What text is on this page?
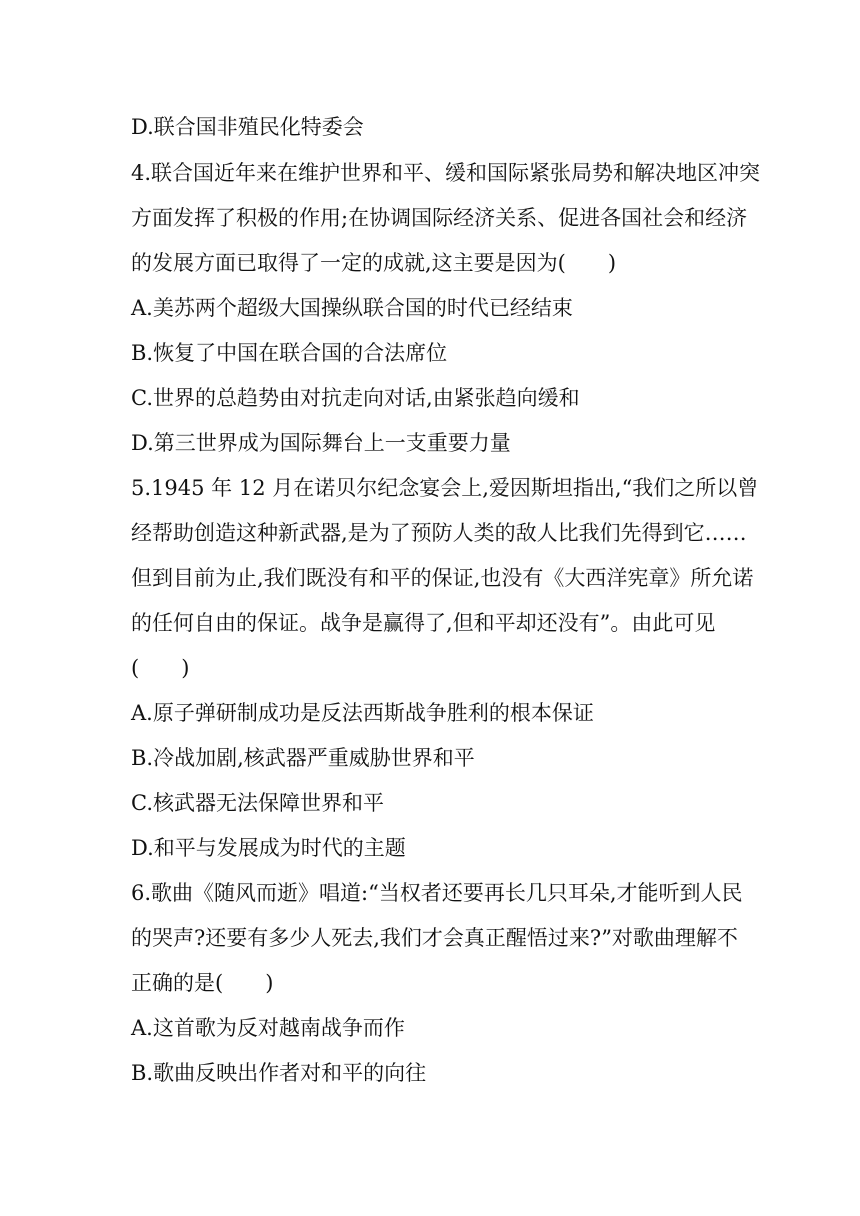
D.联合国非殖民化特委会

4.联合国近年来在维护世界和平、缓和国际紧张局势和解决地区冲突

方面发挥了积极的作用;在协调国际经济关系、促进各国社会和经济

的发展方面已取得了一定的成就,这主要是因为(　　)

A.美苏两个超级大国操纵联合国的时代已经结束

B.恢复了中国在联合国的合法席位

C.世界的总趋势由对抗走向对话,由紧张趋向缓和

D.第三世界成为国际舞台上一支重要力量

5.1945 年 12 月在诺贝尔纪念宴会上,爱因斯坦指出,“我们之所以曾

经帮助创造这种新武器,是为了预防人类的敌人比我们先得到它……

但到目前为止,我们既没有和平的保证,也没有《大西洋宪章》所允诺

的任何自由的保证。战争是赢得了,但和平却还没有”。由此可见

(　　)

A.原子弹研制成功是反法西斯战争胜利的根本保证

B.冷战加剧,核武器严重威胁世界和平

C.核武器无法保障世界和平

D.和平与发展成为时代的主题

6.歌曲《随风而逝》唱道:“当权者还要再长几只耳朵,才能听到人民

的哭声?还要有多少人死去,我们才会真正醒悟过来?”对歌曲理解不

正确的是(　　)

A.这首歌为反对越南战争而作

B.歌曲反映出作者对和平的向往
